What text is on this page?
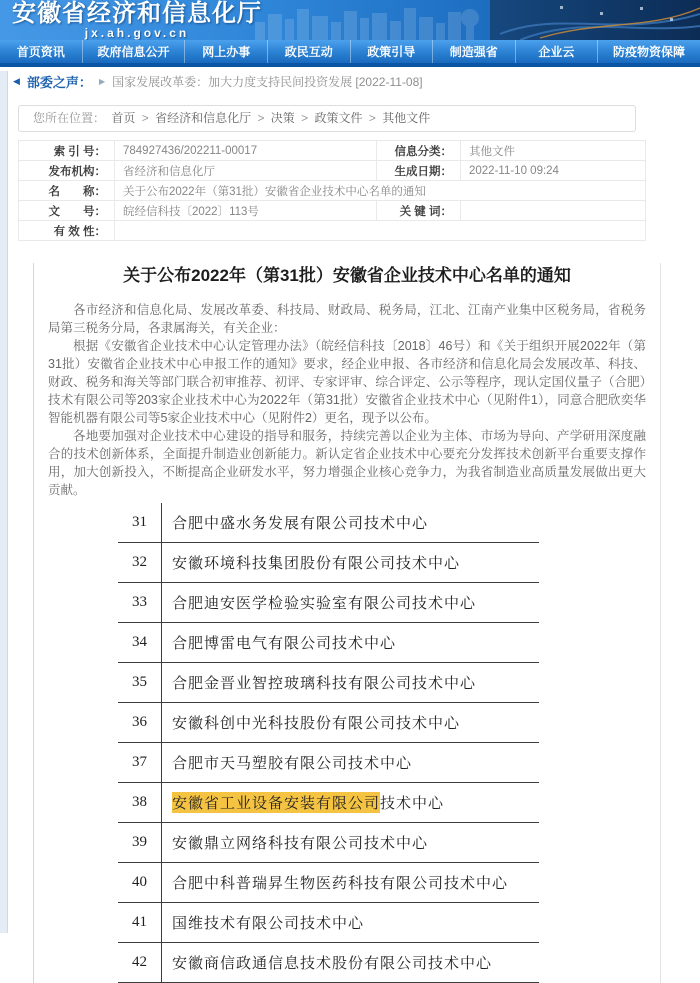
安徽省经济和信息化厅
jx.ah.gov.cn
首页资讯	政府信息公开	网上办事	政民互动	政策引导	制造强省	企业云	防疫物资保障
◀ 部委之声： ▶ 国家发展改革委：加大力度支持民间投资发展 [2022-11-08]
您所在位置： 首页 > 省经济和信息化厅 > 决策 > 政策文件 > 其他文件
索 引 号：	784927436/202211-00017	信息分类：	其他文件
发布机构：	省经济和信息化厅	生成日期：	2022-11-10 09:24
名　　称：	关于公布2022年（第31批）安徽省企业技术中心名单的通知		
文　　号：	皖经信科技〔2022〕113号	关 键 词：	
有 效 性：			
关于公布2022年（第31批）安徽省企业技术中心名单的通知

各市经济和信息化局、发展改革委、科技局、财政局、税务局，江北、江南产业集中区税务局，省税务局第三税务分局，各隶属海关，有关企业：

根据《安徽省企业技术中心认定管理办法》（皖经信科技〔2018〕46号）和《关于组织开展2022年（第31批）安徽省企业技术中心申报工作的通知》要求，经企业申报、各市经济和信息化局会发展改革、科技、财政、税务和海关等部门联合初审推荐、初评、专家评审、综合评定、公示等程序，现认定国仪量子（合肥）技术有限公司等203家企业技术中心为2022年（第31批）安徽省企业技术中心（见附件1），同意合肥欣奕华智能机器有限公司等5家企业技术中心（见附件2）更名，现予以公布。

各地要加强对企业技术中心建设的指导和服务，持续完善以企业为主体、市场为导向、产学研用深度融合的技术创新体系，全面提升制造业创新能力。新认定省企业技术中心要充分发挥技术创新平台重要支撑作用，加大创新投入，不断提高企业研发水平，努力增强企业核心竞争力，为我省制造业高质量发展做出更大贡献。

31	合肥中盛水务发展有限公司技术中心
32	安徽环境科技集团股份有限公司技术中心
33	合肥迪安医学检验实验室有限公司技术中心
34	合肥博雷电气有限公司技术中心
35	合肥金晋业智控玻璃科技有限公司技术中心
36	安徽科创中光科技股份有限公司技术中心
37	合肥市天马塑胶有限公司技术中心
38	安徽省工业设备安装有限公司 技术中心
39	安徽鼎立网络科技有限公司技术中心
40	合肥中科普瑞昇生物医药科技有限公司技术中心
41	国维技术有限公司技术中心
42	安徽商信政通信息技术股份有限公司技术中心
